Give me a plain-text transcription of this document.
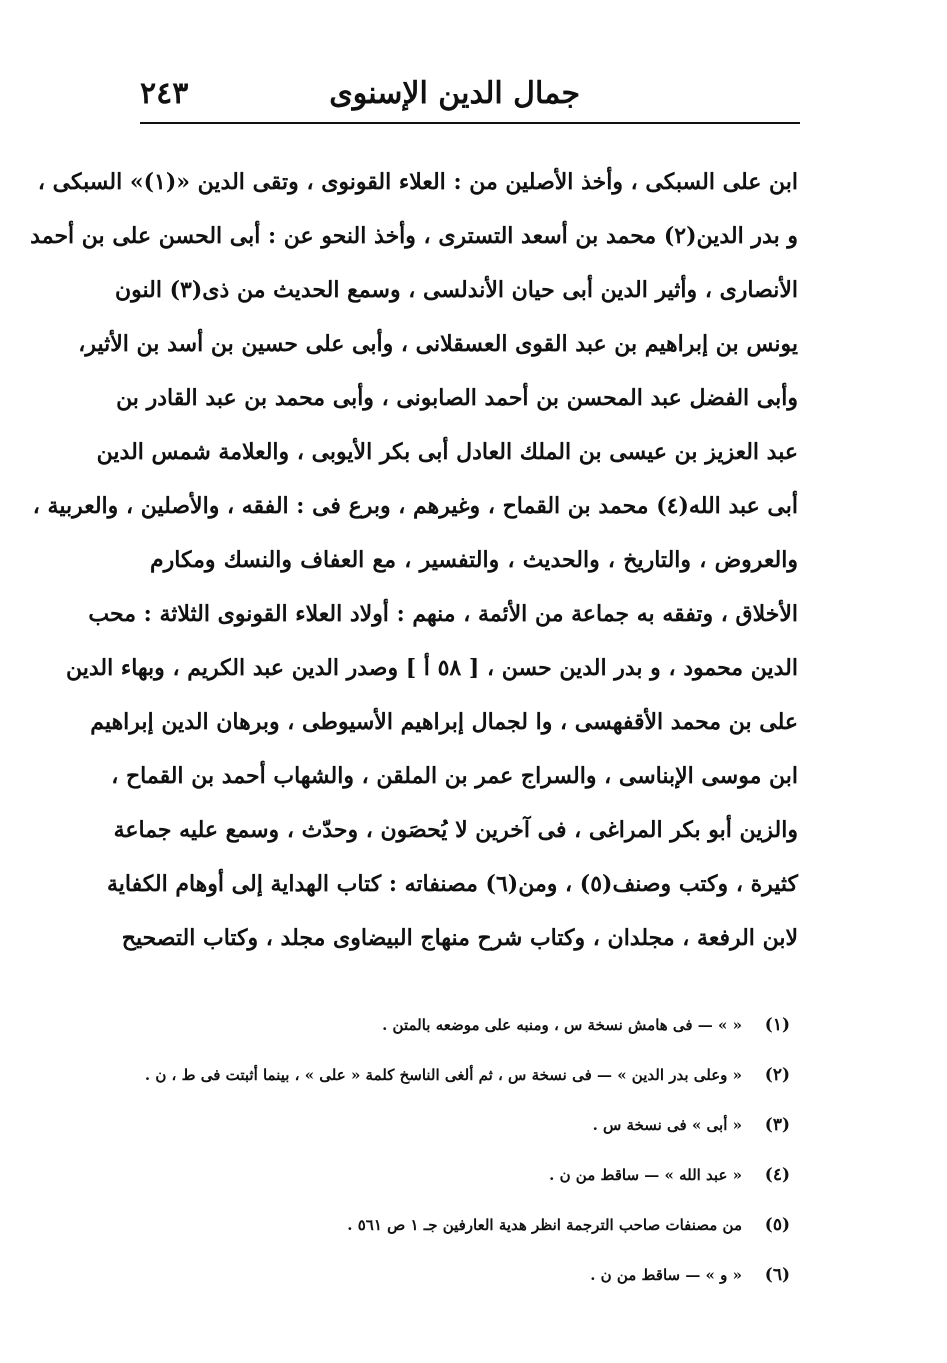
جمال الدين الإسنوى
٢٤٣
ابن على السبكى ، وأخذ الأصلين من : العلاء القونوى ، وتقى الدين «(١)» السبكى ،
و بدر الدين(٢) محمد بن أسعد التسترى ، وأخذ النحو عن : أبى الحسن على بن أحمد
الأنصارى ، وأثير الدين أبى حيان الأندلسى ، وسمع الحديث من ذى(٣) النون
يونس بن إبراهيم بن عبد القوى العسقلانى ، وأبى على حسين بن أسد بن الأثير،
وأبى الفضل عبد المحسن بن أحمد الصابونى ، وأبى محمد بن عبد القادر بن
عبد العزيز بن عيسى بن الملك العادل أبى بكر الأيوبى ، والعلامة شمس الدين
أبى عبد الله(٤) محمد بن القماح ، وغيرهم ، وبرع فى : الفقه ، والأصلين ، والعربية ،
والعروض ، والتاريخ ، والحديث ، والتفسير ، مع العفاف والنسك ومكارم
الأخلاق ، وتفقه به جماعة من الأئمة ، منهم : أولاد العلاء القونوى الثلاثة : محب
الدين محمود ، و بدر الدين حسن ، [ ٥٨ أ ] وصدر الدين عبد الكريم ، وبهاء الدين
على بن محمد الأقفهسى ، وا لجمال إبراهيم الأسيوطى ، وبرهان الدين إبراهيم
ابن موسى الإبناسى ، والسراج عمر بن الملقن ، والشهاب أحمد بن القماح ،
والزين أبو بكر المراغى ، فى آخرين لا يُحصَون ، وحدّث ، وسمع عليه جماعة
كثيرة ، وكتب وصنف(٥) ، ومن(٦) مصنفاته : كتاب الهداية إلى أوهام الكفاية
لابن الرفعة ، مجلدان ، وكتاب شرح منهاج البيضاوى مجلد ، وكتاب التصحيح
(١)
« » — فى هامش نسخة س ، ومنبه على موضعه بالمتن .
(٢)
« وعلى بدر الدين » — فى نسخة س ، ثم ألغى الناسخ كلمة « على » ، بينما أثبتت فى ط ، ن .
(٣)
« أبى » فى نسخة س .
(٤)
« عبد الله » — ساقط من ن .
(٥)
من مصنفات صاحب الترجمة انظر هدية العارفين جـ ١ ص ٥٦١ .
(٦)
« و » — ساقط من ن .
